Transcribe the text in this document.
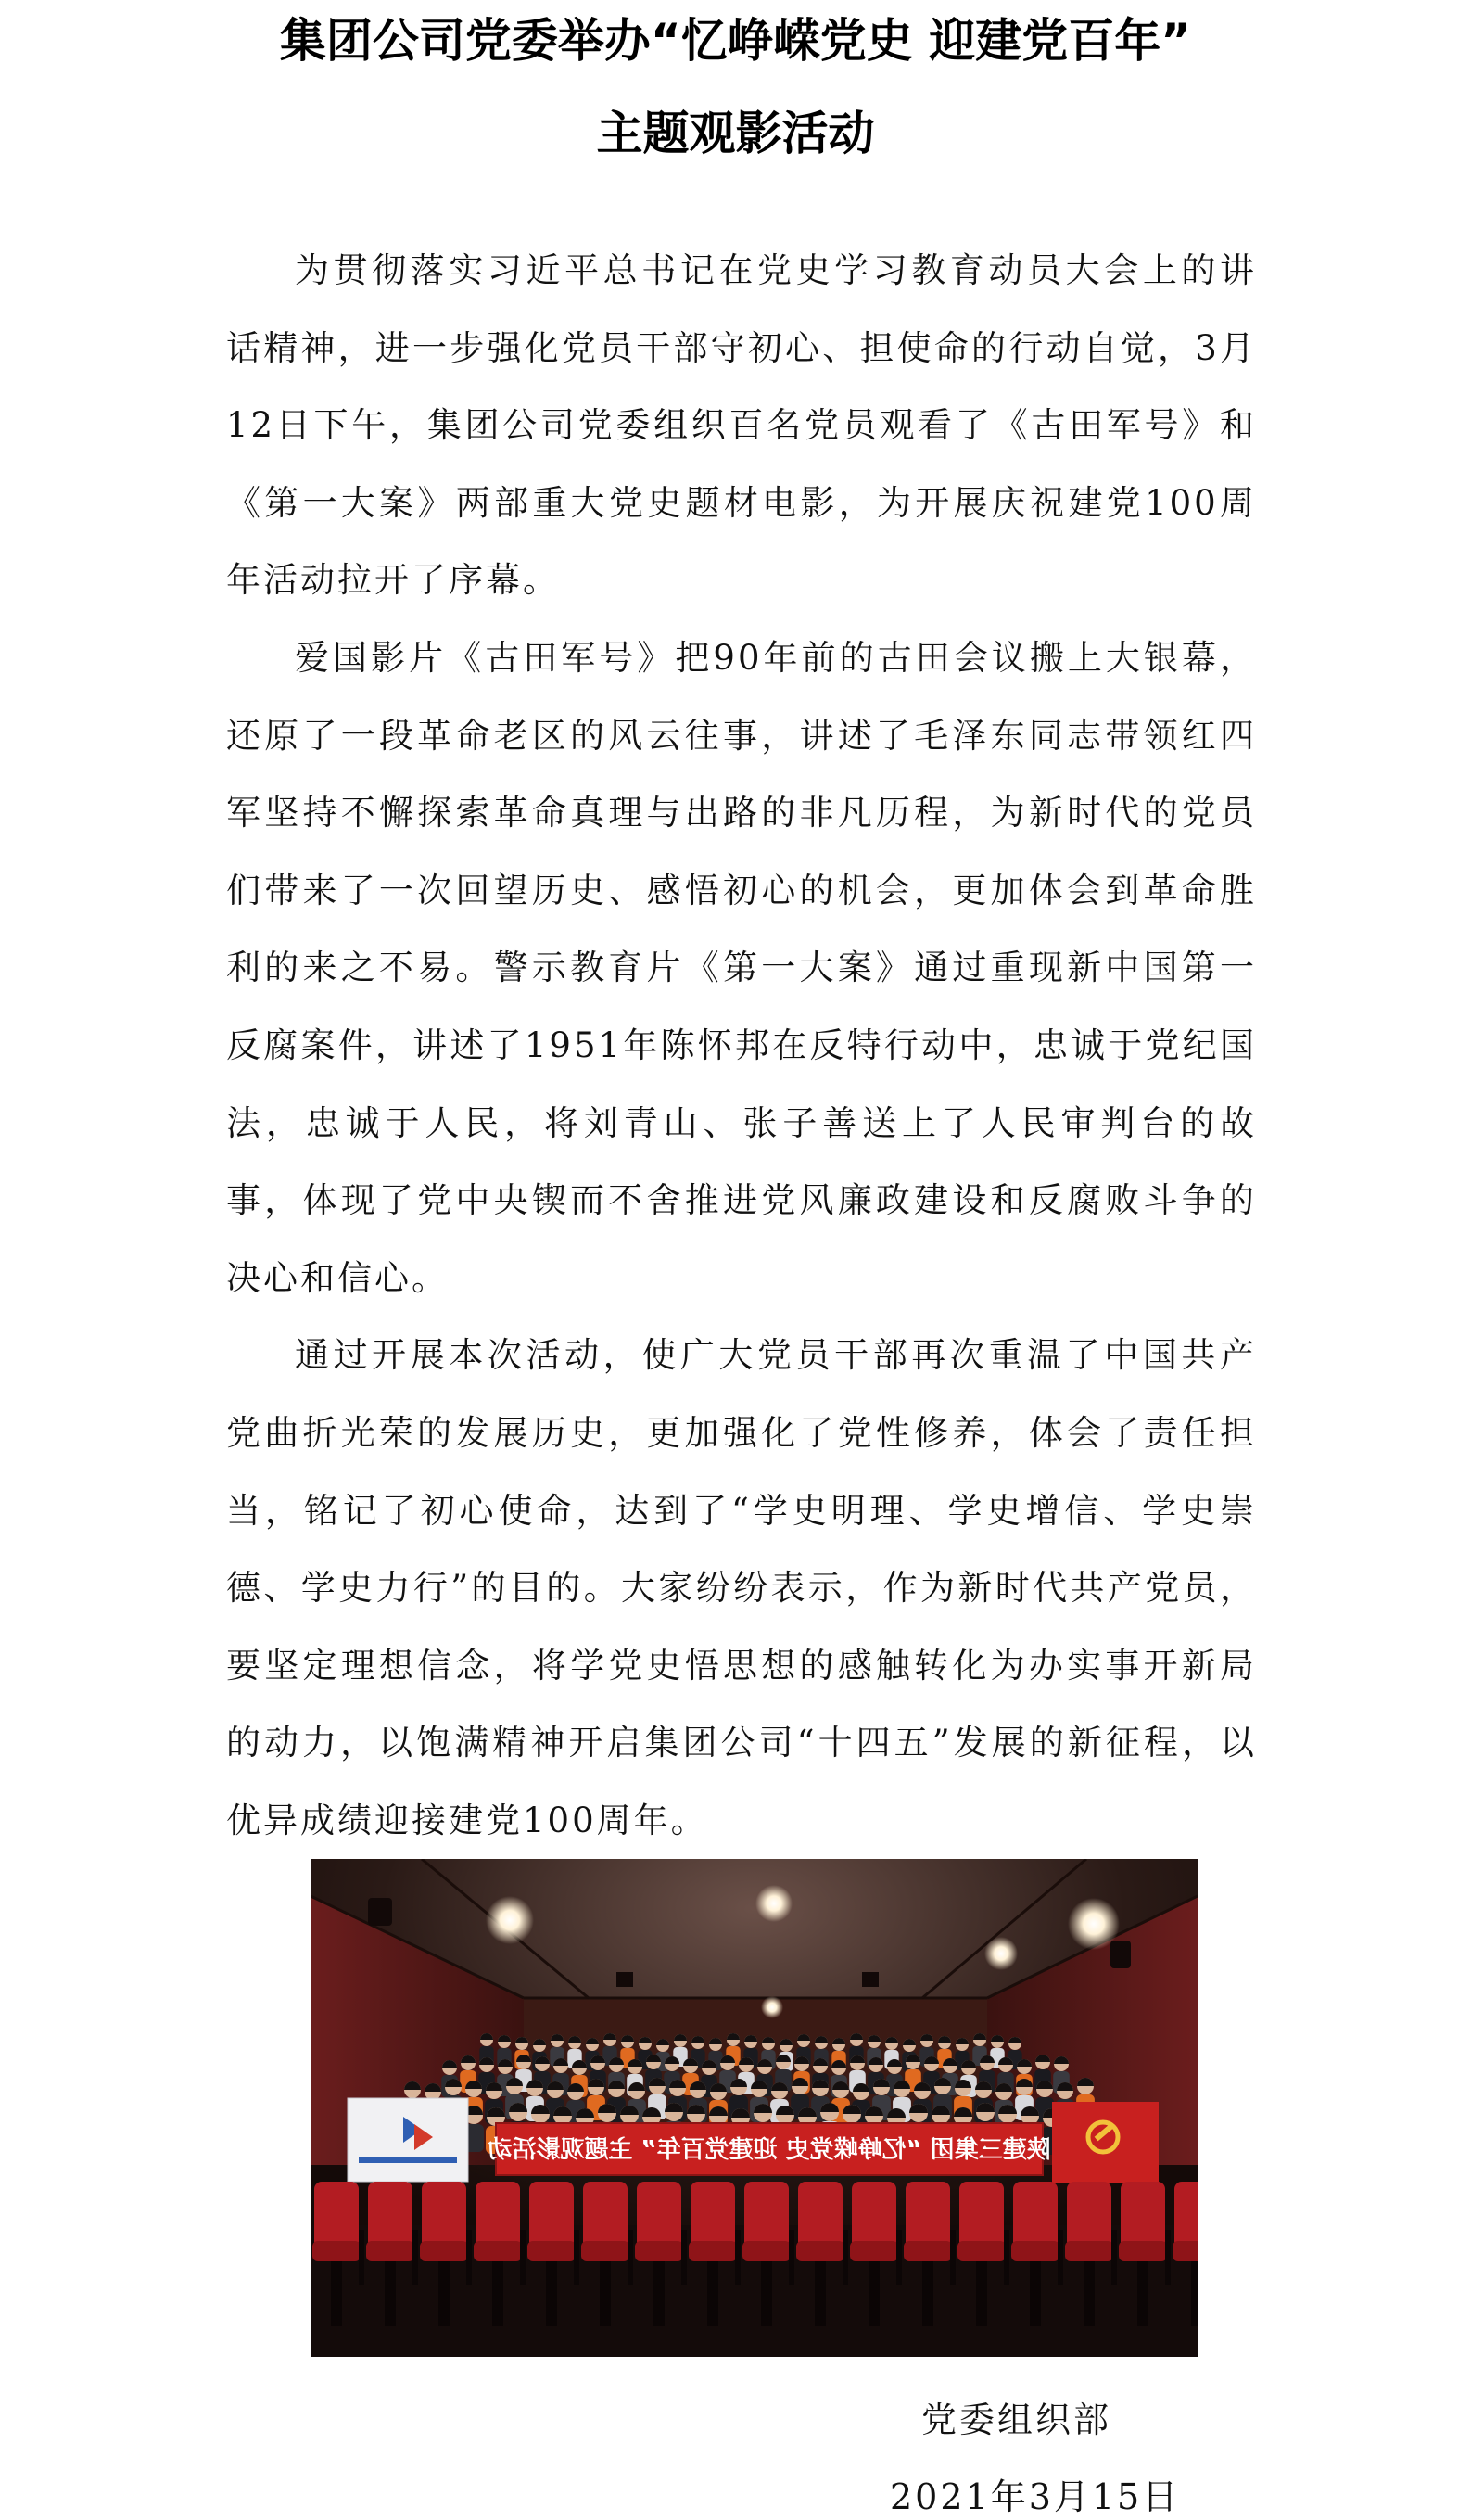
集团公司党委举办“忆峥嵘党史 迎建党百年”
主题观影活动

为贯彻落实习近平总书记在党史学习教育动员大会上的讲话精神，进一步强化党员干部守初心、担使命的行动自觉，3月12日下午，集团公司党委组织百名党员观看了《古田军号》和《第一大案》两部重大党史题材电影，为开展庆祝建党100周年活动拉开了序幕。

爱国影片《古田军号》把90年前的古田会议搬上大银幕，还原了一段革命老区的风云往事，讲述了毛泽东同志带领红四军坚持不懈探索革命真理与出路的非凡历程，为新时代的党员们带来了一次回望历史、感悟初心的机会，更加体会到革命胜利的来之不易。警示教育片《第一大案》通过重现新中国第一反腐案件，讲述了1951年陈怀邦在反特行动中，忠诚于党纪国法，忠诚于人民，将刘青山、张子善送上了人民审判台的故事，体现了党中央锲而不舍推进党风廉政建设和反腐败斗争的决心和信心。

通过开展本次活动，使广大党员干部再次重温了中国共产党曲折光荣的发展历史，更加强化了党性修养，体会了责任担当，铭记了初心使命，达到了“学史明理、学史增信、学史崇德、学史力行”的目的。大家纷纷表示，作为新时代共产党员，要坚定理想信念，将学党史悟思想的感触转化为办实事开新局的动力，以饱满精神开启集团公司“十四五”发展的新征程，以优异成绩迎接建党100周年。

陕建三集团 “忆峥嵘党史 迎建党百年” 主题观影活动
党委组织部
2021年3月15日
